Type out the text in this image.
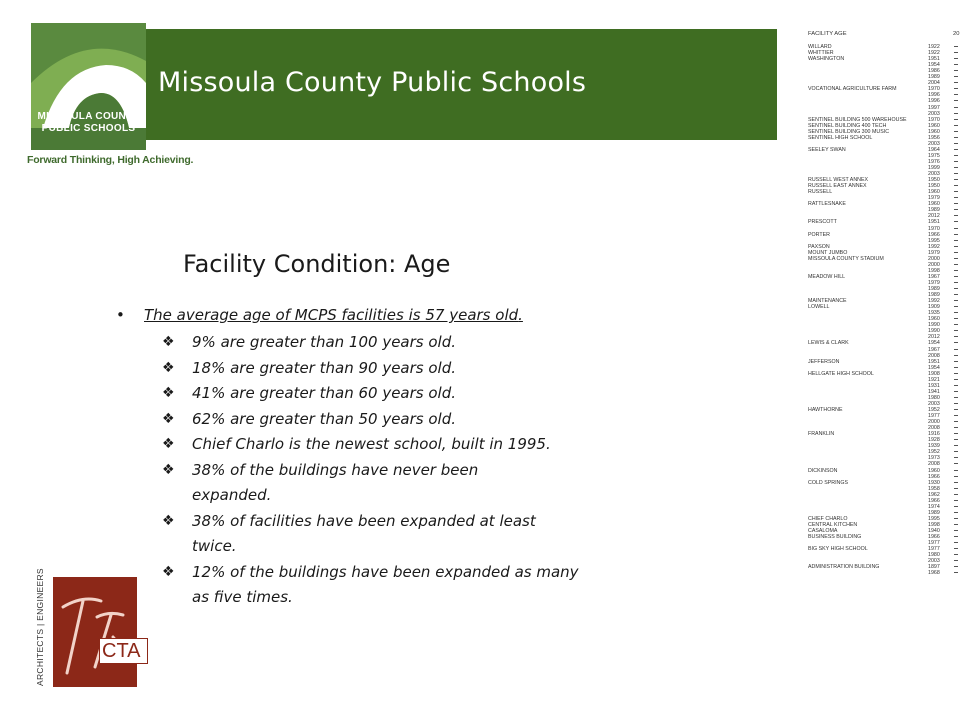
MISSOULA COUNTY
PUBLIC SCHOOLS
Forward Thinking, High Achieving.
Missoula County Public Schools
Facility Condition: Age
• The average age of MCPS facilities is 57 years old.
❖ 9% are greater than 100 years old.
❖ 18% are greater than 90 years old.
❖ 41% are greater than 60 years old.
❖ 62% are greater than 50 years old.
❖ Chief Charlo is the newest school, built in 1995.
❖ 38% of the buildings have never been expanded.
❖ 38% of facilities have been expanded at least twice.
❖ 12% of the buildings have been expanded as many as five times.
ARCHITECTS | ENGINEERS	CTA
FACILITY AGE	20
WILLARD	1922
WHITTIER	1922
WASHINGTON	1951
1954
1986
1989
2004
VOCATIONAL AGRICULTURE FARM	1970
1996
1996
1997
2003
SENTINEL BUILDING 500 WAREHOUSE	1970
SENTINEL BUILDING 400 TECH	1960
SENTINEL BUILDING 300 MUSIC	1960
SENTINEL HIGH SCHOOL	1956
2003
SEELEY SWAN	1964
1975
1976
1999
2003
RUSSELL WEST ANNEX	1950
RUSSELL EAST ANNEX	1950
RUSSELL	1960
1979
RATTLESNAKE	1960
1989
2012
PRESCOTT	1951
1970
PORTER	1966
1995
PAXSON	1992
MOUNT JUMBO	1979
MISSOULA COUNTY STADIUM	2000
2000
1998
MEADOW HILL	1967
1979
1989
1989
MAINTENANCE	1992
LOWELL	1909
1935
1960
1990
1990
2012
LEWIS & CLARK	1954
1967
2008
JEFFERSON	1951
1954
HELLGATE HIGH SCHOOL	1908
1921
1931
1941
1980
2003
HAWTHORNE	1952
1977
2000
2008
FRANKLIN	1916
1928
1939
1952
1973
2008
DICKINSON	1960
1966
COLD SPRINGS	1930
1958
1962
1966
1974
1989
CHIEF CHARLO	1995
CENTRAL KITCHEN	1998
CASALOMA	1940
BUSINESS BUILDING	1966
1977
BIG SKY HIGH SCHOOL	1977
1980
2003
ADMINISTRATION BUILDING	1897
1968
